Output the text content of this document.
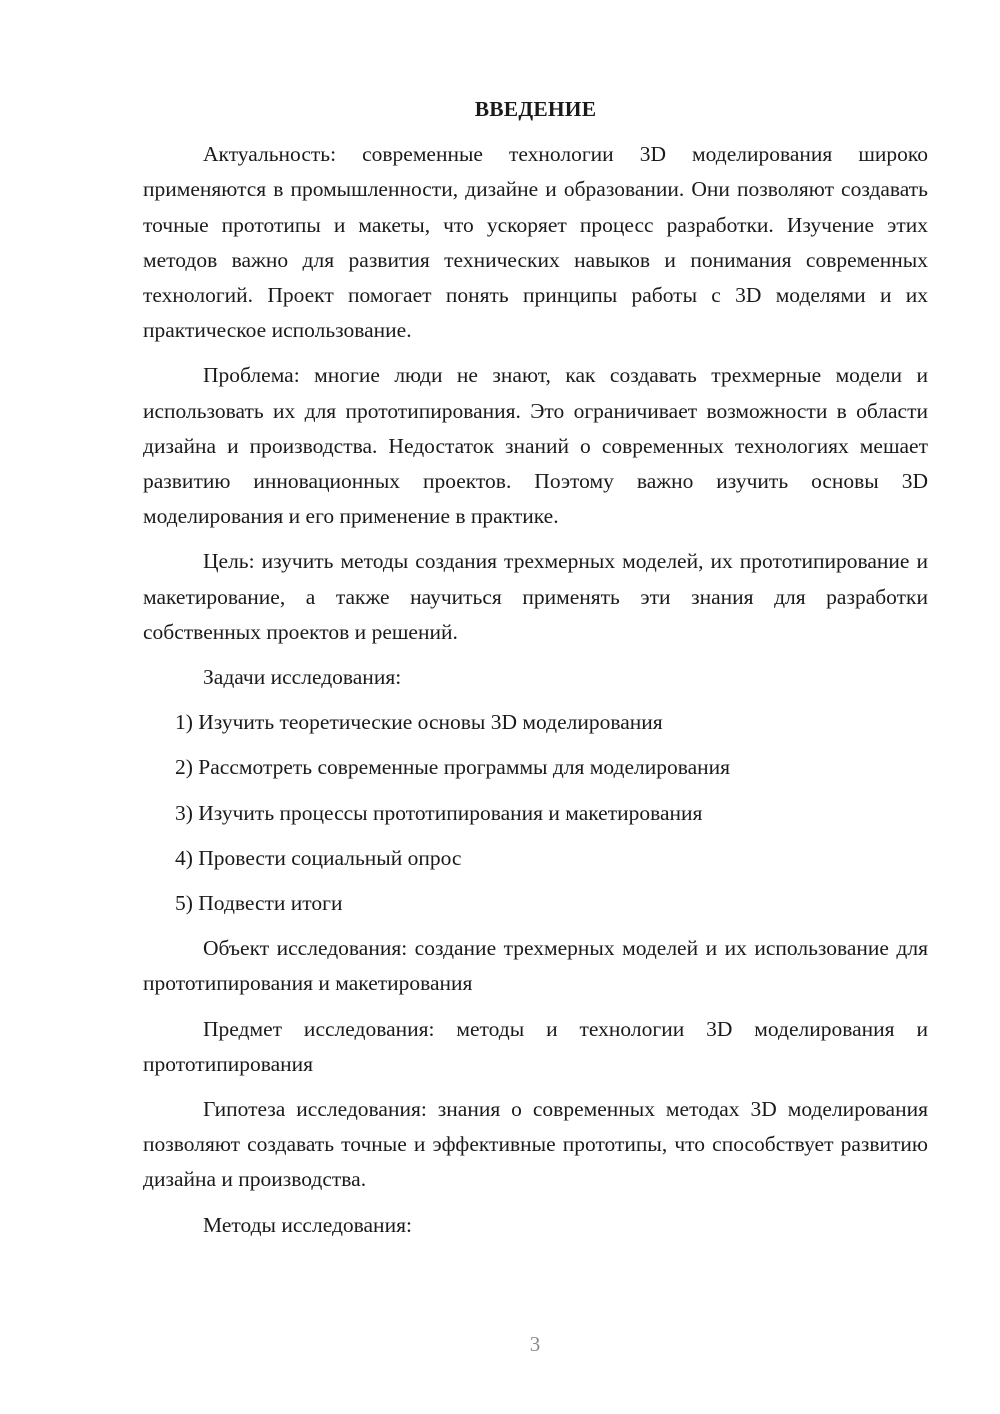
ВВЕДЕНИЕ

Актуальность: современные технологии 3D моделирования широко применяются в промышленности, дизайне и образовании. Они позволяют создавать точные прототипы и макеты, что ускоряет процесс разработки. Изучение этих методов важно для развития технических навыков и понимания современных технологий. Проект помогает понять принципы работы с 3D моделями и их практическое использование.

Проблема: многие люди не знают, как создавать трехмерные модели и использовать их для прототипирования. Это ограничивает возможности в области дизайна и производства. Недостаток знаний о современных технологиях мешает развитию инновационных проектов. Поэтому важно изучить основы 3D моделирования и его применение в практике.

Цель: изучить методы создания трехмерных моделей, их прототипирование и макетирование, а также научиться применять эти знания для разработки собственных проектов и решений.

Задачи исследования:

1) Изучить теоретические основы 3D моделирования
2) Рассмотреть современные программы для моделирования
3) Изучить процессы прототипирования и макетирования
4) Провести социальный опрос
5) Подвести итоги

Объект исследования: создание трехмерных моделей и их использование для прототипирования и макетирования

Предмет исследования: методы и технологии 3D моделирования и прототипирования

Гипотеза исследования: знания о современных методах 3D моделирования позволяют создавать точные и эффективные прототипы, что способствует развитию дизайна и производства.

Методы исследования:

3
